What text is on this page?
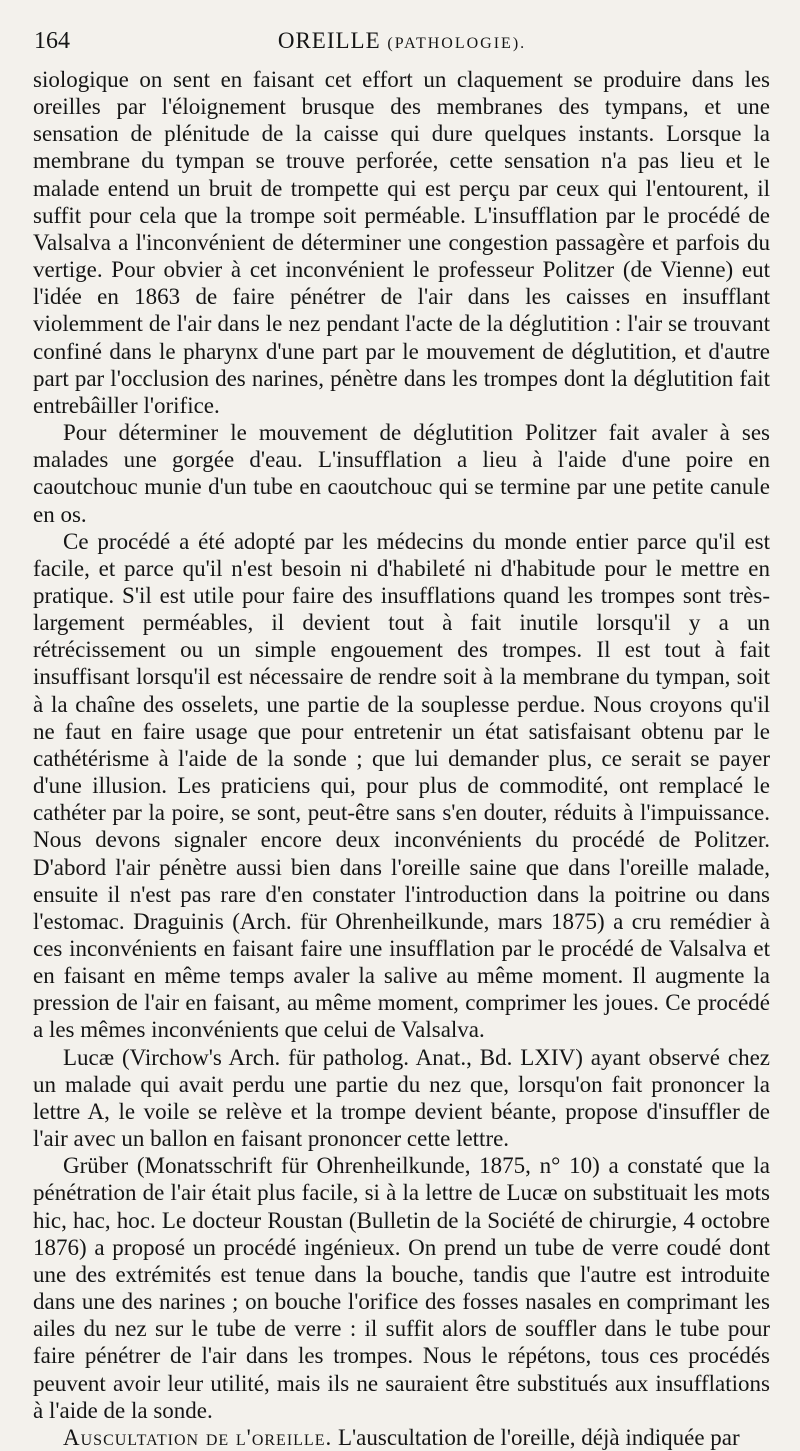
164	OREILLE (PATHOLOGIE).

siologique on sent en faisant cet effort un claquement se produire dans les oreilles par l'éloignement brusque des membranes des tympans, et une sensation de plénitude de la caisse qui dure quelques instants. Lorsque la membrane du tympan se trouve perforée, cette sensation n'a pas lieu et le malade entend un bruit de trompette qui est perçu par ceux qui l'entourent, il suffit pour cela que la trompe soit perméable. L'insufflation par le procédé de Valsalva a l'inconvénient de déterminer une congestion passagère et parfois du vertige. Pour obvier à cet inconvénient le professeur Politzer (de Vienne) eut l'idée en 1863 de faire pénétrer de l'air dans les caisses en insufflant violemment de l'air dans le nez pendant l'acte de la déglutition : l'air se trouvant confiné dans le pharynx d'une part par le mouvement de déglutition, et d'autre part par l'occlusion des narines, pénètre dans les trompes dont la déglutition fait entrebâiller l'orifice.

Pour déterminer le mouvement de déglutition Politzer fait avaler à ses malades une gorgée d'eau. L'insufflation a lieu à l'aide d'une poire en caoutchouc munie d'un tube en caoutchouc qui se termine par une petite canule en os.

Ce procédé a été adopté par les médecins du monde entier parce qu'il est facile, et parce qu'il n'est besoin ni d'habileté ni d'habitude pour le mettre en pratique. S'il est utile pour faire des insufflations quand les trompes sont très-largement perméables, il devient tout à fait inutile lorsqu'il y a un rétrécissement ou un simple engouement des trompes. Il est tout à fait insuffisant lorsqu'il est nécessaire de rendre soit à la membrane du tympan, soit à la chaîne des osselets, une partie de la souplesse perdue. Nous croyons qu'il ne faut en faire usage que pour entretenir un état satisfaisant obtenu par le cathétérisme à l'aide de la sonde ; que lui demander plus, ce serait se payer d'une illusion. Les praticiens qui, pour plus de commodité, ont remplacé le cathéter par la poire, se sont, peut-être sans s'en douter, réduits à l'impuissance. Nous devons signaler encore deux inconvénients du procédé de Politzer. D'abord l'air pénètre aussi bien dans l'oreille saine que dans l'oreille malade, ensuite il n'est pas rare d'en constater l'introduction dans la poitrine ou dans l'estomac. Draguinis (Arch. für Ohrenheilkunde, mars 1875) a cru remédier à ces inconvénients en faisant faire une insufflation par le procédé de Valsalva et en faisant en même temps avaler la salive au même moment. Il augmente la pression de l'air en faisant, au même moment, comprimer les joues. Ce procédé a les mêmes inconvénients que celui de Valsalva.

Lucæ (Virchow's Arch. für patholog. Anat., Bd. LXIV) ayant observé chez un malade qui avait perdu une partie du nez que, lorsqu'on fait prononcer la lettre A, le voile se relève et la trompe devient béante, propose d'insuffler de l'air avec un ballon en faisant prononcer cette lettre.

Grüber (Monatsschrift für Ohrenheilkunde, 1875, n° 10) a constaté que la pénétration de l'air était plus facile, si à la lettre de Lucæ on substituait les mots hic, hac, hoc. Le docteur Roustan (Bulletin de la Société de chirurgie, 4 octobre 1876) a proposé un procédé ingénieux. On prend un tube de verre coudé dont une des extrémités est tenue dans la bouche, tandis que l'autre est introduite dans une des narines ; on bouche l'orifice des fosses nasales en comprimant les ailes du nez sur le tube de verre : il suffit alors de souffler dans le tube pour faire pénétrer de l'air dans les trompes. Nous le répétons, tous ces procédés peuvent avoir leur utilité, mais ils ne sauraient être substitués aux insufflations à l'aide de la sonde.

Auscultation de l'oreille. L'auscultation de l'oreille, déjà indiquée par
